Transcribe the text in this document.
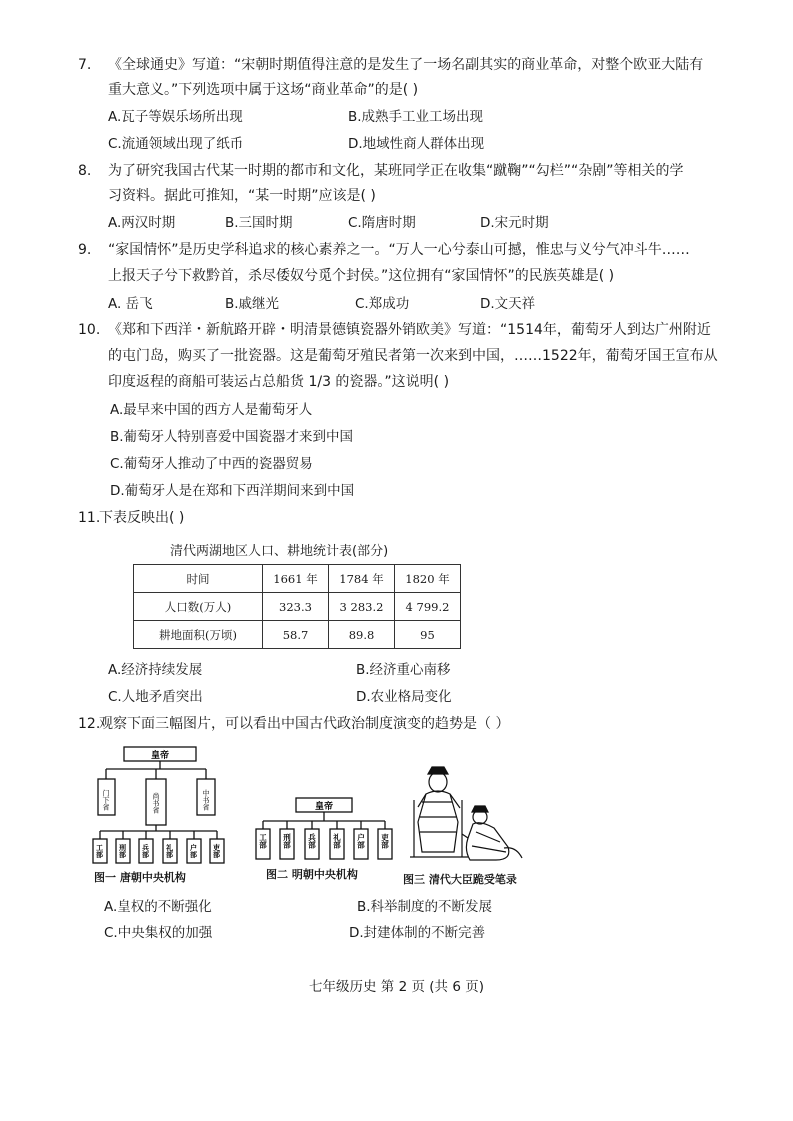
7. 《全球通史》写道：“宋朝时期值得注意的是发生了一场名副其实的商业革命，对整个欧亚大陆有
重大意义。”下列选项中属于这场“商业革命”的是( )
A.瓦子等娱乐场所出现	B.成熟手工业工场出现
C.流通领域出现了纸币	D.地域性商人群体出现
8. 为了研究我国古代某一时期的都市和文化，某班同学正在收集“蹴鞠”“勾栏”“杂剧”等相关的学
习资料。据此可推知，“某一时期”应该是( )
A.两汉时期	B.三国时期	C.隋唐时期	D.宋元时期
9. “家国情怀”是历史学科追求的核心素养之一。“万人一心兮泰山可撼，惟忠与义兮气冲斗牛……
上报天子兮下救黔首，杀尽倭奴兮觅个封侯。”这位拥有“家国情怀”的民族英雄是( )
A. 岳飞	B.戚继光	C.郑成功	D.文天祥
10. 《郑和下西洋・新航路开辟・明清景德镇瓷器外销欧美》写道：“1514年，葡萄牙人到达广州附近
的屯门岛，购买了一批瓷器。这是葡萄牙殖民者第一次来到中国，……1522年，葡萄牙国王宣布从
印度返程的商船可装运占总船货 1/3 的瓷器。”这说明( )
A.最早来中国的西方人是葡萄牙人
B.葡萄牙人特别喜爱中国瓷器才来到中国
C.葡萄牙人推动了中西的瓷器贸易
D.葡萄牙人是在郑和下西洋期间来到中国
11.
下表反映出( )
清代两湖地区人口、耕地统计表(部分)
时间	1661 年	1784 年	1820 年
人口数(万人)	323.3	3 283.2	4 799.2
耕地面积(万顷)	58.7	89.8	95
A.经济持续发展	B.经济重心南移
C.人地矛盾突出	D.农业格局变化
12.
观察下面三幅图片，可以看出中国古代政治制度演变的趋势是（ ）
皇帝
门下省	尚书省	中书省
工部 刑部 兵部 礼部 户部 吏部
图一 唐朝中央机构
皇帝
工部 刑部 兵部 礼部 户部 吏部
图二 明朝中央机构	图三 清代大臣跪受笔录
A.皇权的不断强化	B.科举制度的不断发展
C.中央集权的加强	D.封建体制的不断完善
七年级历史 第 2 页 (共 6 页)
